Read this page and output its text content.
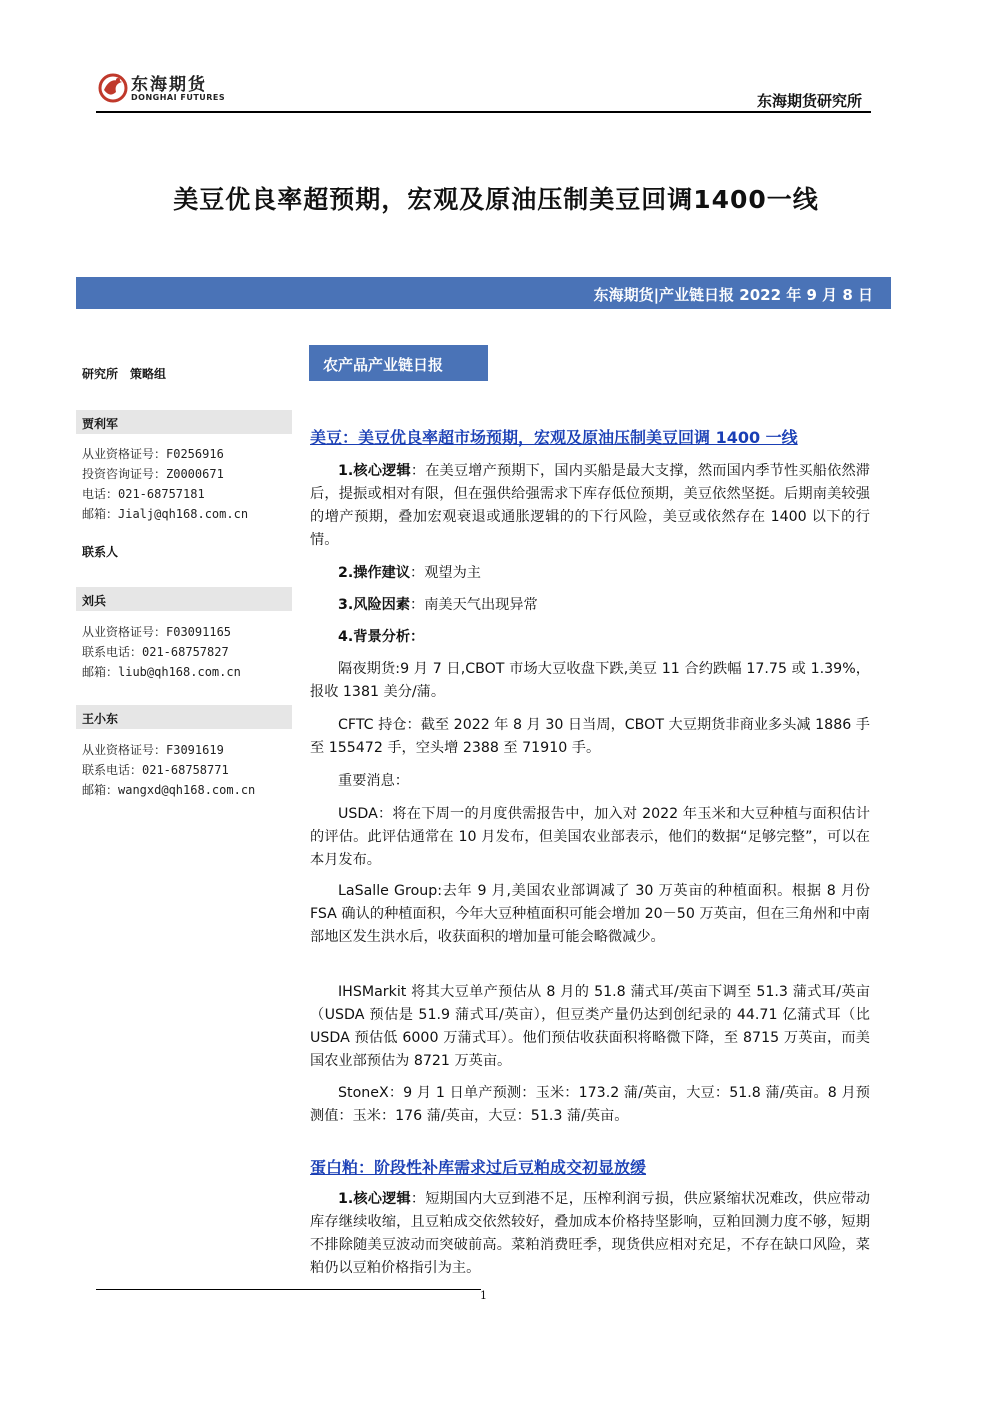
东海期货
DONGHAI FUTURES	东海期货研究所
美豆优良率超预期，宏观及原油压制美豆回调1400一线
东海期货|产业链日报 2022 年 9 月 8 日
研究所　策略组
贾利军
从业资格证号：F0256916
投资咨询证号：Z0000671
电话：021-68757181
邮箱：Jialj@qh168.com.cn
联系人
刘兵
从业资格证号：F03091165
联系电话：021-68757827
邮箱：liub@qh168.com.cn
王小东
从业资格证号：F3091619
联系电话：021-68758771
邮箱：wangxd@qh168.com.cn
农产品产业链日报
美豆：美豆优良率超市场预期，宏观及原油压制美豆回调 1400 一线
1.核心逻辑：在美豆增产预期下，国内买船是最大支撑，然而国内季节性买船依然滞后，提振或相对有限，但在强供给强需求下库存低位预期，美豆依然坚挺。后期南美较强的增产预期，叠加宏观衰退或通胀逻辑的的下行风险，美豆或依然存在 1400 以下的行情。
2.操作建议：观望为主
3.风险因素：南美天气出现异常
4.背景分析：
隔夜期货:9 月 7 日,CBOT 市场大豆收盘下跌,美豆 11 合约跌幅 17.75 或 1.39%，报收 1381 美分/蒲。
CFTC 持仓：截至 2022 年 8 月 30 日当周，CBOT 大豆期货非商业多头减 1886 手至 155472 手，空头增 2388 至 71910 手。
重要消息：
USDA：将在下周一的月度供需报告中，加入对 2022 年玉米和大豆种植与面积估计的评估。此评估通常在 10 月发布，但美国农业部表示，他们的数据“足够完整”，可以在本月发布。
LaSalle Group:去年 9 月,美国农业部调减了 30 万英亩的种植面积。根据 8 月份 FSA 确认的种植面积，今年大豆种植面积可能会增加 20－50 万英亩，但在三角州和中南部地区发生洪水后，收获面积的增加量可能会略微减少。
IHSMarkit 将其大豆单产预估从 8 月的 51.8 蒲式耳/英亩下调至 51.3 蒲式耳/英亩（USDA 预估是 51.9 蒲式耳/英亩），但豆类产量仍达到创纪录的 44.71 亿蒲式耳（比 USDA 预估低 6000 万蒲式耳）。他们预估收获面积将略微下降，至 8715 万英亩，而美国农业部预估为 8721 万英亩。
StoneX：9 月 1 日单产预测：玉米：173.2 蒲/英亩，大豆：51.8 蒲/英亩。8 月预测值：玉米：176 蒲/英亩，大豆：51.3 蒲/英亩。
蛋白粕：阶段性补库需求过后豆粕成交初显放缓
1.核心逻辑：短期国内大豆到港不足，压榨利润亏损，供应紧缩状况难改，供应带动库存继续收缩，且豆粕成交依然较好，叠加成本价格持坚影响，豆粕回测力度不够，短期不排除随美豆波动而突破前高。菜粕消费旺季，现货供应相对充足，不存在缺口风险，菜粕仍以豆粕价格指引为主。
1
